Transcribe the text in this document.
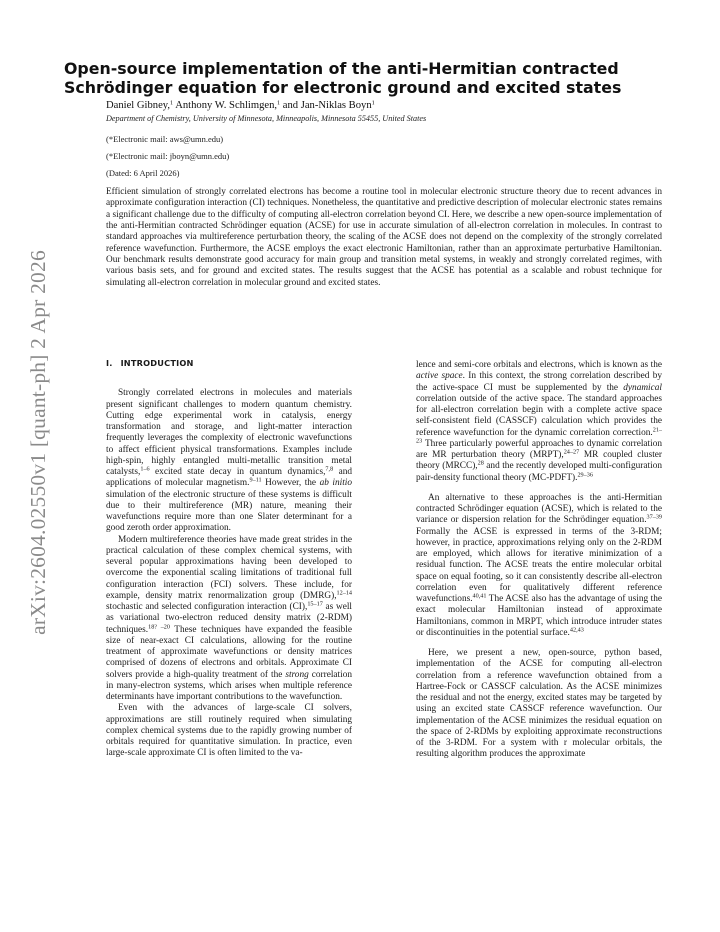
arXiv:2604.02550v1 [quant-ph] 2 Apr 2026
Open-source implementation of the anti-Hermitian contracted
Schrödinger equation for electronic ground and excited states
Daniel Gibney,$^1$ Anthony W. Schlimgen,$^1$ and Jan-Niklas Boyn$^1$
Department of Chemistry, University of Minnesota, Minneapolis, Minnesota 55455, United States
(*Electronic mail: aws@umn.edu)
(*Electronic mail: jboyn@umn.edu)
(Dated: 6 April 2026)

Efficient simulation of strongly correlated electrons has become a routine tool in molecular electronic structure theory due to recent advances in approximate configuration interaction (CI) techniques. Nonetheless, the quantitative and predictive description of molecular electronic states remains a significant challenge due to the difficulty of computing all-electron correlation beyond CI. Here, we describe a new open-source implementation of the anti-Hermitian contracted Schrödinger equation (ACSE) for use in accurate simulation of all-electron correlation in molecules. In contrast to standard approaches via multireference perturbation theory, the scaling of the ACSE does not depend on the complexity of the strongly correlated reference wavefunction. Furthermore, the ACSE employs the exact electronic Hamiltonian, rather than an approximate perturbative Hamiltonian. Our benchmark results demonstrate good accuracy for main group and transition metal systems, in weakly and strongly correlated regimes, with various basis sets, and for ground and excited states. The results suggest that the ACSE has potential as a scalable and robust technique for simulating all-electron correlation in molecular ground and excited states.

I. INTRODUCTION

Strongly correlated electrons in molecules and materials present significant challenges to modern quantum chemistry. Cutting edge experimental work in catalysis, energy transformation and storage, and light-matter interaction frequently leverages the complexity of electronic wavefunctions to affect efficient physical transformations. Examples include high-spin, highly entangled multi-metallic transition metal catalysts,$^{1-6}$ excited state decay in quantum dynamics,$^{7,8}$ and applications of molecular magnetism.$^{9-11}$ However, the ab initio simulation of the electronic structure of these systems is difficult due to their multireference (MR) nature, meaning their wavefunctions require more than one Slater determinant for a good zeroth order approximation.

Modern multireference theories have made great strides in the practical calculation of these complex chemical systems, with several popular approximations having been developed to overcome the exponential scaling limitations of traditional full configuration interaction (FCI) solvers. These include, for example, density matrix renormalization group (DMRG),$^{12-14}$ stochastic and selected configuration interaction (CI),$^{15-17}$ as well as variational two-electron reduced density matrix (2-RDM) techniques.$^{18? -20}$ These techniques have expanded the feasible size of near-exact CI calculations, allowing for the routine treatment of approximate wavefunctions or density matrices comprised of dozens of electrons and orbitals. Approximate CI solvers provide a high-quality treatment of the strong correlation in many-electron systems, which arises when multiple reference determinants have important contributions to the wavefunction.

Even with the advances of large-scale CI solvers, approximations are still routinely required when simulating complex chemical systems due to the rapidly growing number of orbitals required for quantitative simulation. In practice, even large-scale approximate CI is often limited to the va-

lence and semi-core orbitals and electrons, which is known as the active space. In this context, the strong correlation described by the active-space CI must be supplemented by the dynamical correlation outside of the active space. The standard approaches for all-electron correlation begin with a complete active space self-consistent field (CASSCF) calculation which provides the reference wavefunction for the dynamic correlation correction.$^{21-23}$ Three particularly powerful approaches to dynamic correlation are MR perturbation theory (MRPT),$^{24-27}$ MR coupled cluster theory (MRCC),$^{28}$ and the recently developed multi-configuration pair-density functional theory (MC-PDFT).$^{29-36}$

An alternative to these approaches is the anti-Hermitian contracted Schrödinger equation (ACSE), which is related to the variance or dispersion relation for the Schrödinger equation.$^{37-39}$ Formally the ACSE is expressed in terms of the 3-RDM; however, in practice, approximations relying only on the 2-RDM are employed, which allows for iterative minimization of a residual function. The ACSE treats the entire molecular orbital space on equal footing, so it can consistently describe all-electron correlation even for qualitatively different reference wavefunctions.$^{40,41}$ The ACSE also has the advantage of using the exact molecular Hamiltonian instead of approximate Hamiltonians, common in MRPT, which introduce intruder states or discontinuities in the potential surface.$^{42,43}$

Here, we present a new, open-source, python based, implementation of the ACSE for computing all-electron correlation from a reference wavefunction obtained from a Hartree-Fock or CASSCF calculation. As the ACSE minimizes the residual and not the energy, excited states may be targeted by using an excited state CASSCF reference wavefunction. Our implementation of the ACSE minimizes the residual equation on the space of 2-RDMs by exploiting approximate reconstructions of the 3-RDM. For a system with r molecular orbitals, the resulting algorithm produces the approximate
